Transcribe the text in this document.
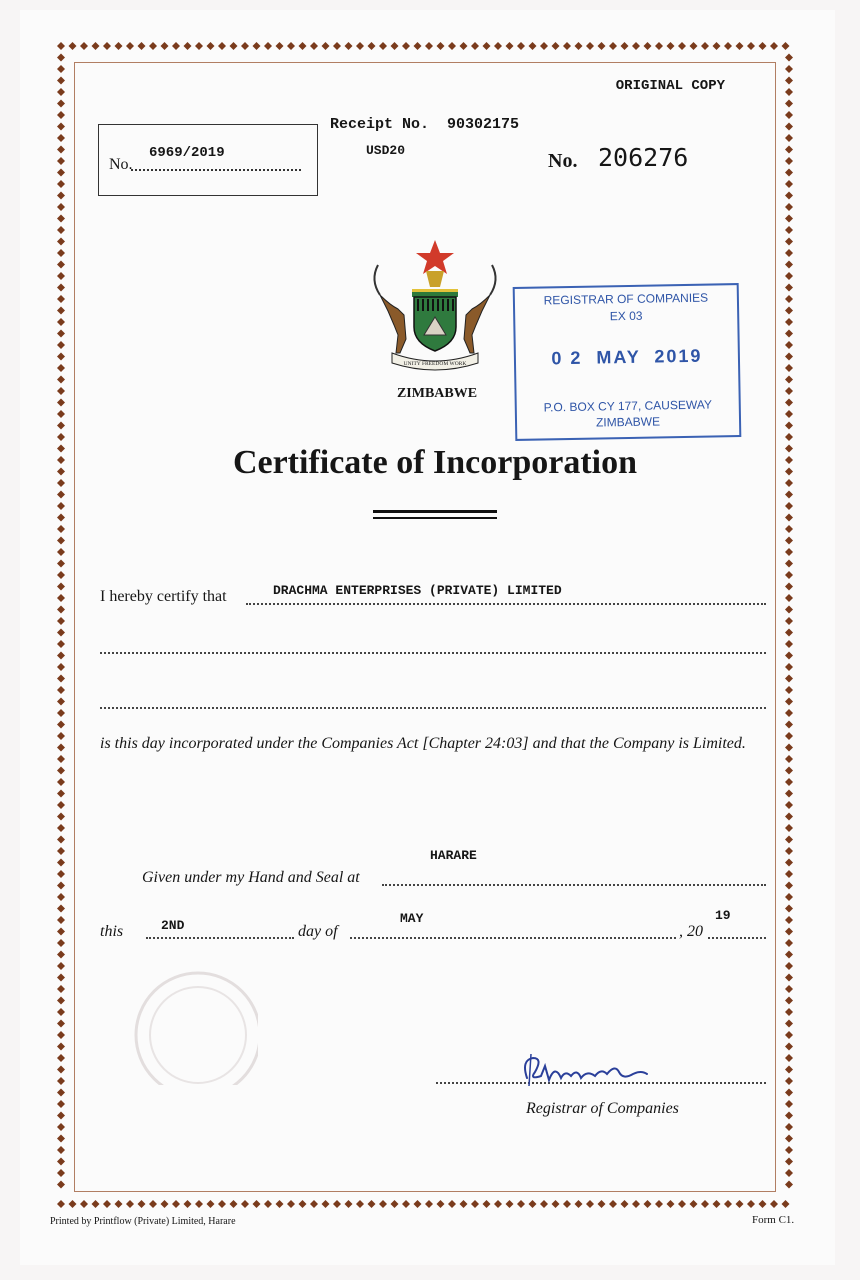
ORIGINAL COPY
No.
6969/2019
Receipt No.  90302175
USD20	No. 206276
UNITY FREEDOM WORK
ZIMBABWE
REGISTRAR OF COMPANIES
EX 03
0 2  MAY  2019
P.O. BOX CY 177, CAUSEWAY
ZIMBABWE
Certificate of Incorporation
I hereby certify that	DRACHMA ENTERPRISES (PRIVATE) LIMITED
is this day incorporated under the Companies Act [Chapter 24:03] and that the Company is Limited.
Given under my Hand and Seal at
HARARE
this	2ND	day of
MAY
, 20
19
Registrar of Companies
Printed by Printflow (Private) Limited, Harare	Form C1.
